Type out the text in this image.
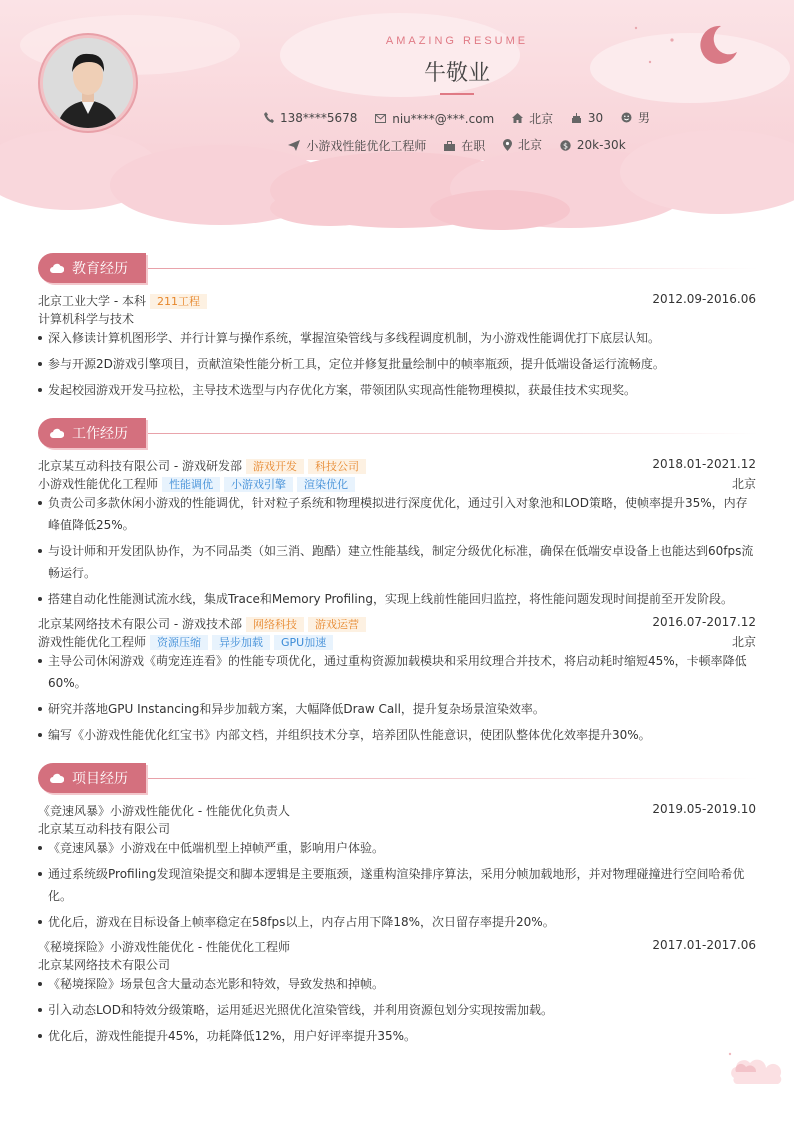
AMAZING RESUME
牛敬业
138****5678
	niu****@***.com
	北京
	30
	男
小游戏性能优化工程师
	在职
	北京
	$ 20k-30k
教育经历
北京工业大学 - 本科 211工程	2012.09-2016.06
计算机科学与技术
深入修读计算机图形学、并行计算与操作系统，掌握渲染管线与多线程调度机制，为小游戏性能调优打下底层认知。
参与开源2D游戏引擎项目，贡献渲染性能分析工具，定位并修复批量绘制中的帧率瓶颈，提升低端设备运行流畅度。
发起校园游戏开发马拉松，主导技术选型与内存优化方案，带领团队实现高性能物理模拟，获最佳技术实现奖。
工作经历
北京某互动科技有限公司 - 游戏研发部 游戏开发 科技公司	2018.01-2021.12
小游戏性能优化工程师 性能调优 小游戏引擎 渲染优化	北京
负责公司多款休闲小游戏的性能调优，针对粒子系统和物理模拟进行深度优化，通过引入对象池和LOD策略，使帧率提升35%，内存峰值降低25%。
与设计师和开发团队协作，为不同品类（如三消、跑酷）建立性能基线，制定分级优化标准，确保在低端安卓设备上也能达到60fps流畅运行。
搭建自动化性能测试流水线，集成Trace和Memory Profiling，实现上线前性能回归监控，将性能问题发现时间提前至开发阶段。
北京某网络技术有限公司 - 游戏技术部 网络科技 游戏运营	2016.07-2017.12
游戏性能优化工程师 资源压缩 异步加载 GPU加速	北京
主导公司休闲游戏《萌宠连连看》的性能专项优化，通过重构资源加载模块和采用纹理合并技术，将启动耗时缩短45%，卡顿率降低60%。
研究并落地GPU Instancing和异步加载方案，大幅降低Draw Call，提升复杂场景渲染效率。
编写《小游戏性能优化红宝书》内部文档，并组织技术分享，培养团队性能意识，使团队整体优化效率提升30%。
项目经历
《竞速风暴》小游戏性能优化 - 性能优化负责人	2019.05-2019.10
北京某互动科技有限公司
《竞速风暴》小游戏在中低端机型上掉帧严重，影响用户体验。
通过系统级Profiling发现渲染提交和脚本逻辑是主要瓶颈，遂重构渲染排序算法，采用分帧加载地形，并对物理碰撞进行空间哈希优化。
优化后，游戏在目标设备上帧率稳定在58fps以上，内存占用下降18%，次日留存率提升20%。
《秘境探险》小游戏性能优化 - 性能优化工程师	2017.01-2017.06
北京某网络技术有限公司
《秘境探险》场景包含大量动态光影和特效，导致发热和掉帧。
引入动态LOD和特效分级策略，运用延迟光照优化渲染管线，并利用资源包划分实现按需加载。
优化后，游戏性能提升45%，功耗降低12%，用户好评率提升35%。
